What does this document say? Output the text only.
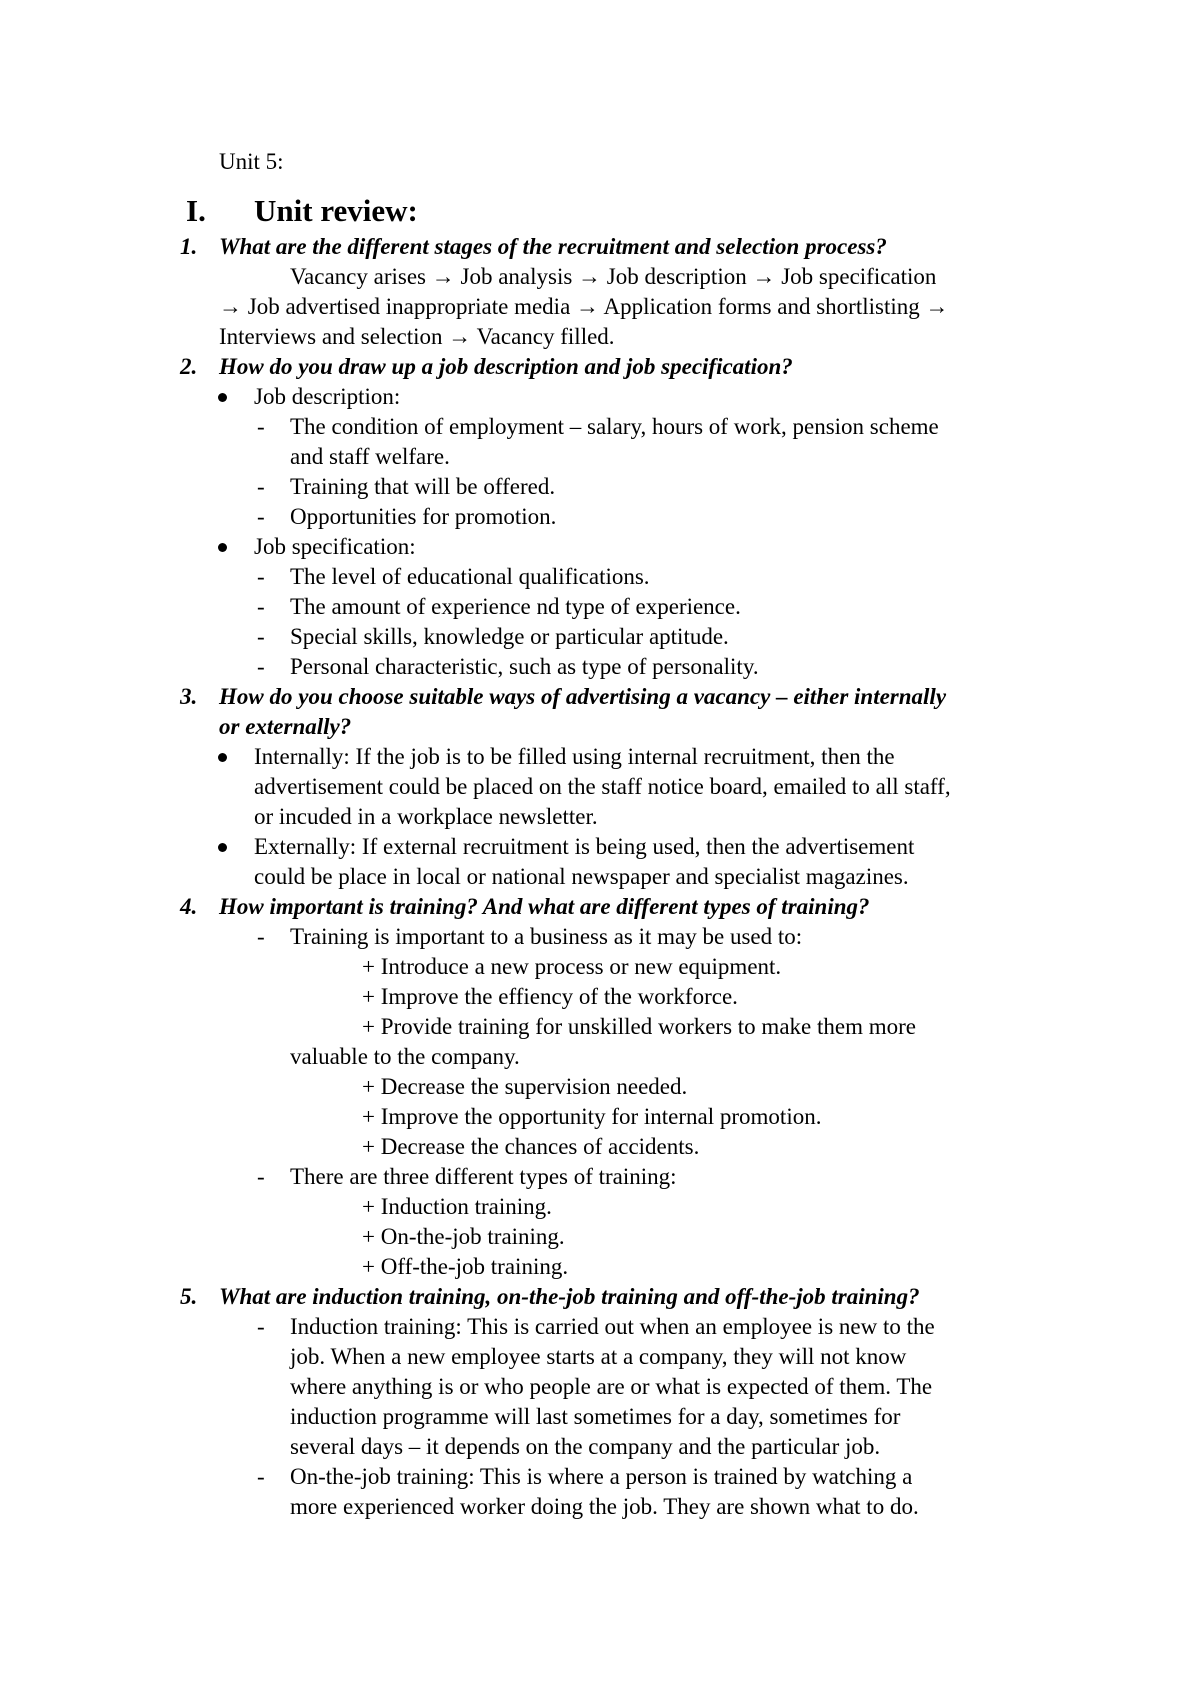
Unit 5:
I. Unit review:
1. What are the different stages of the recruitment and selection process?
Vacancy arises → Job analysis → Job description → Job specification
→ Job advertised inappropriate media → Application forms and shortlisting →
Interviews and selection → Vacancy filled.
2. How do you draw up a job description and job specification?
Job description:
- The condition of employment – salary, hours of work, pension scheme
and staff welfare.
- Training that will be offered.
- Opportunities for promotion.
Job specification:
- The level of educational qualifications.
- The amount of experience nd type of experience.
- Special skills, knowledge or particular aptitude.
- Personal characteristic, such as type of personality.
3. How do you choose suitable ways of advertising a vacancy – either internally
or externally?
Internally: If the job is to be filled using internal recruitment, then the
advertisement could be placed on the staff notice board, emailed to all staff,
or incuded in a workplace newsletter.
Externally: If external recruitment is being used, then the advertisement
could be place in local or national newspaper and specialist magazines.
4. How important is training? And what are different types of training?
- Training is important to a business as it may be used to:
+ Introduce a new process or new equipment.
+ Improve the effiency of the workforce.
+ Provide training for unskilled workers to make them more
valuable to the company.
+ Decrease the supervision needed.
+ Improve the opportunity for internal promotion.
+ Decrease the chances of accidents.
- There are three different types of training:
+ Induction training.
+ On-the-job training.
+ Off-the-job training.
5. What are induction training, on-the-job training and off-the-job training?
- Induction training: This is carried out when an employee is new to the
job. When a new employee starts at a company, they will not know
where anything is or who people are or what is expected of them. The
induction programme will last sometimes for a day, sometimes for
several days – it depends on the company and the particular job.
- On-the-job training: This is where a person is trained by watching a
more experienced worker doing the job. They are shown what to do.
